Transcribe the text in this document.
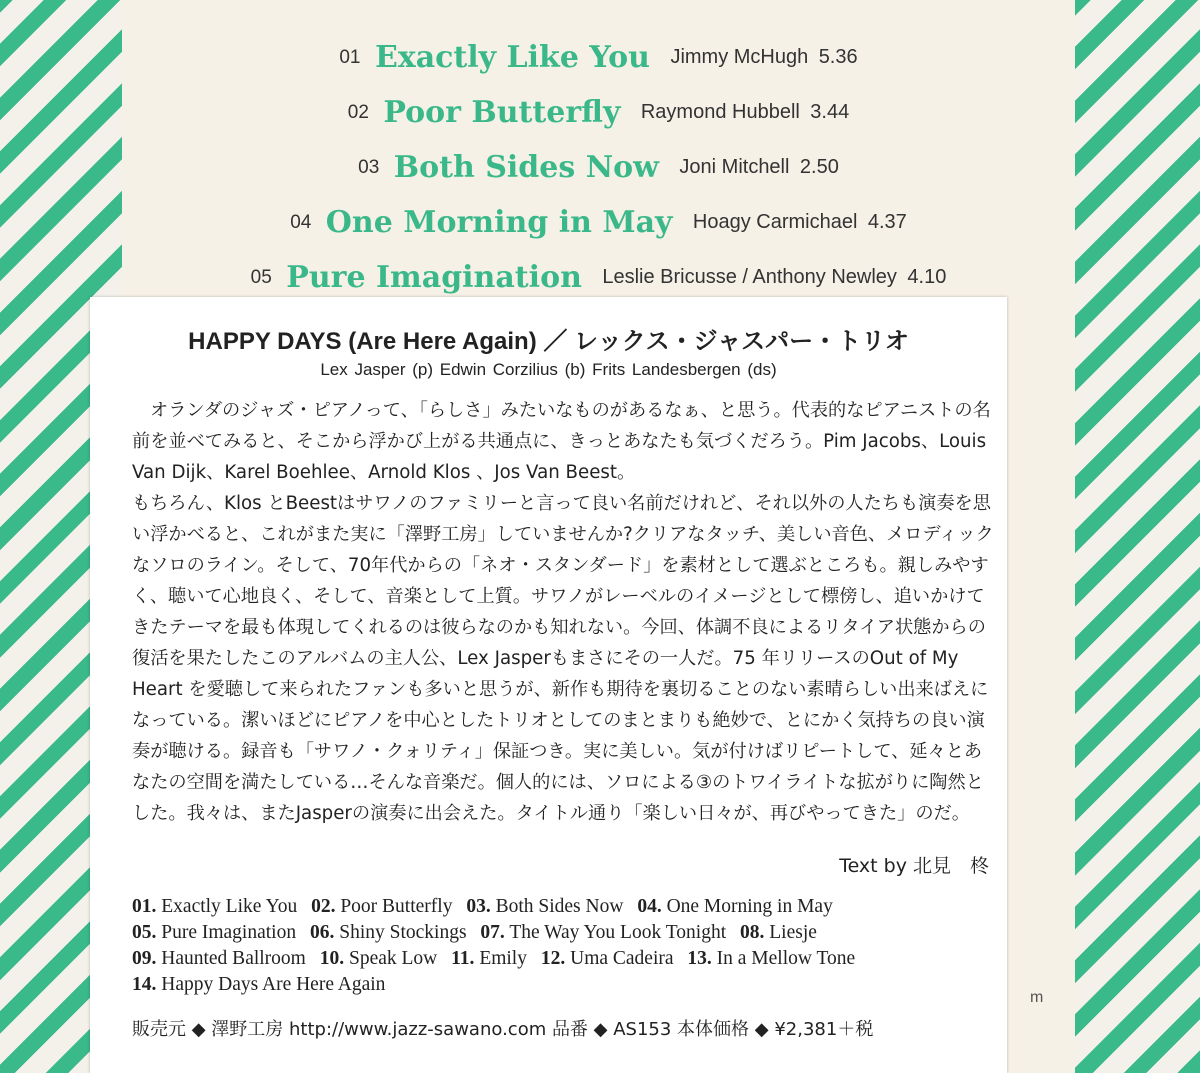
01 Exactly Like You Jimmy McHugh 5.36
02 Poor Butterfly Raymond Hubbell 3.44
03 Both Sides Now Joni Mitchell 2.50
04 One Morning in May Hoagy Carmichael 4.37
05 Pure Imagination Leslie Bricusse / Anthony Newley 4.10
m
HAPPY DAYS (Are Here Again) ／ レックス・ジャスパー・トリオ
Lex Jasper (p) Edwin Corzilius (b) Frits Landesbergen (ds)

オランダのジャズ・ピアノって、「らしさ」みたいなものがあるなぁ、と思う。代表的なピアニストの名前を並べてみると、そこから浮かび上がる共通点に、きっとあなたも気づくだろう。Pim Jacobs、Louis Van Dijk、Karel Boehlee、Arnold Klos 、Jos Van Beest。

もちろん、Klos とBeestはサワノのファミリーと言って良い名前だけれど、それ以外の人たちも演奏を思い浮かべると、これがまた実に「澤野工房」していませんか?クリアなタッチ、美しい音色、メロディックなソロのライン。そして、70年代からの「ネオ・スタンダード」を素材として選ぶところも。親しみやすく、聴いて心地良く、そして、音楽として上質。サワノがレーベルのイメージとして標傍し、追いかけてきたテーマを最も体現してくれるのは彼らなのかも知れない。今回、体調不良によるリタイア状態からの復活を果たしたこのアルバムの主人公、Lex Jasperもまさにその一人だ。75 年リリースのOut of My Heart を愛聴して来られたファンも多いと思うが、新作も期待を裏切ることのない素晴らしい出来ばえになっている。潔いほどにピアノを中心としたトリオとしてのまとまりも絶妙で、とにかく気持ちの良い演奏が聴ける。録音も「サワノ・クォリティ」保証つき。実に美しい。気が付けばリピートして、延々とあなたの空間を満たしている…そんな音楽だ。個人的には、ソロによる③のトワイライトな拡がりに陶然とした。我々は、またJasperの演奏に出会えた。タイトル通り「楽しい日々が、再びやってきた」のだ。

Text by 北見　柊
01. Exactly Like You 02. Poor Butterfly 03. Both Sides Now 04. One Morning in May
05. Pure Imagination 06. Shiny Stockings 07. The Way You Look Tonight 08. Liesje
09. Haunted Ballroom 10. Speak Low 11. Emily 12. Uma Cadeira 13. In a Mellow Tone
14. Happy Days Are Here Again
販売元 ◆ 澤野工房 http://www.jazz-sawano.com 品番 ◆ AS153 本体価格 ◆ ¥2,381＋税
